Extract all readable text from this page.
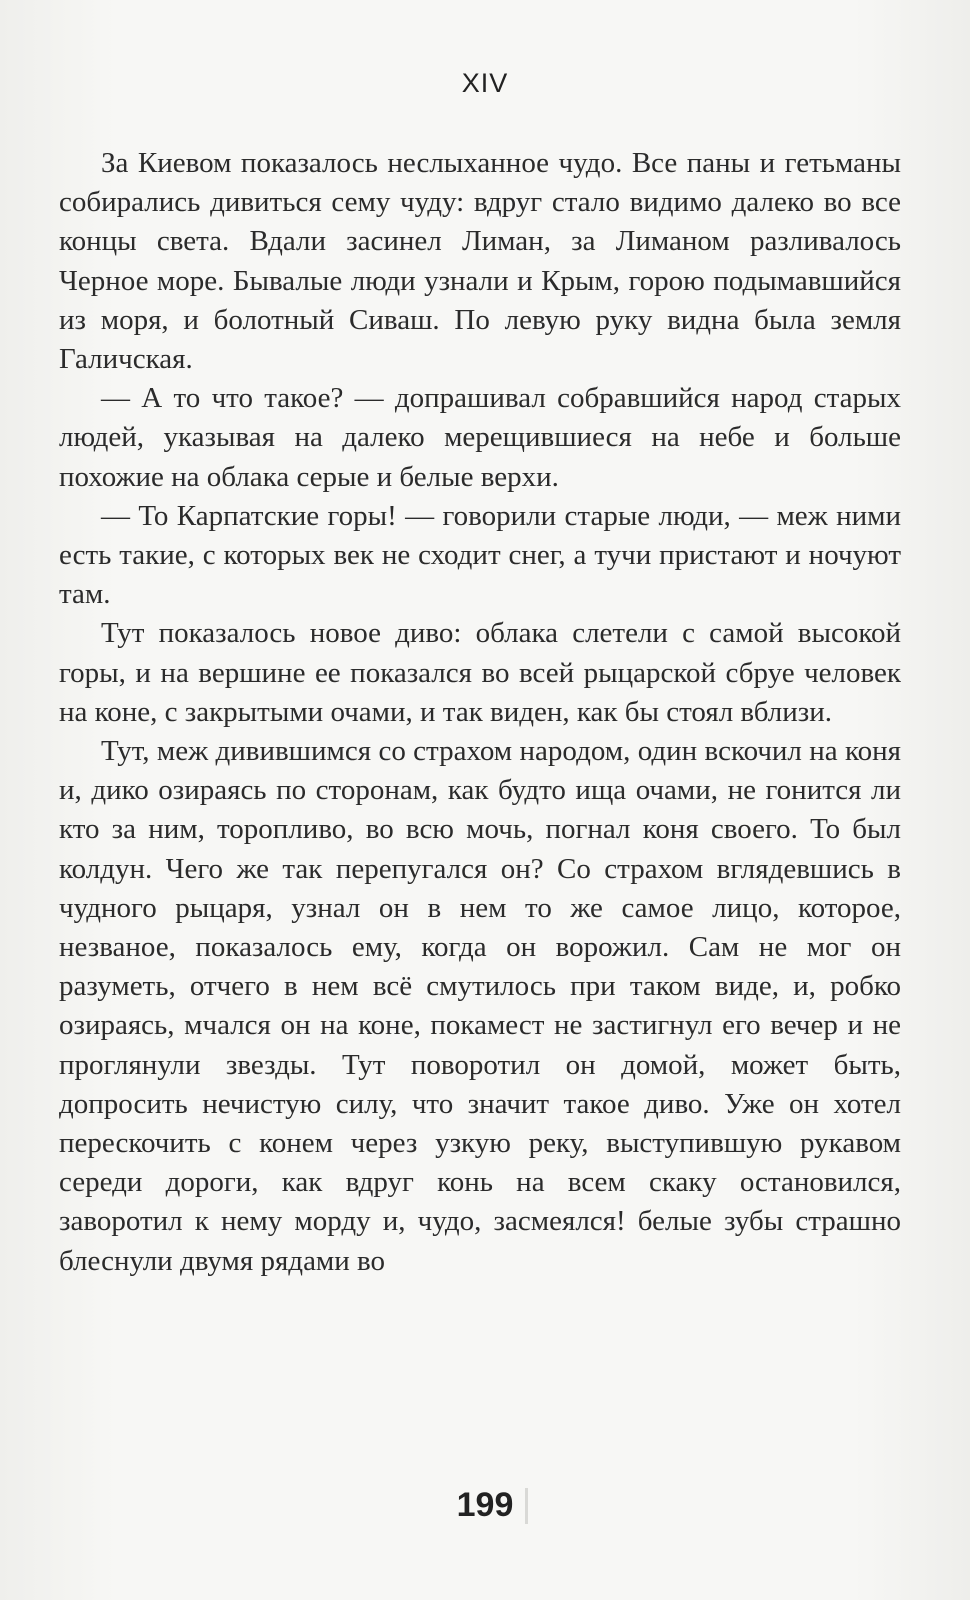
XIV

За Киевом показалось неслыханное чудо. Все паны и гетьманы собирались дивиться сему чуду: вдруг стало видимо далеко во все концы света. Вдали засинел Лиман, за Лиманом разливалось Черное море. Бывалые люди узнали и Крым, горою подымавшийся из моря, и болотный Сиваш. По левую руку видна была земля Галичская.

— А то что такое? — допрашивал собравшийся народ старых людей, указывая на далеко мерещившиеся на небе и больше похожие на облака серые и белые верхи.

— То Карпатские горы! — говорили старые люди, — меж ними есть такие, с которых век не сходит снег, а тучи пристают и ночуют там.

Тут показалось новое диво: облака слетели с самой высокой горы, и на вершине ее показался во всей рыцарской сбруе человек на коне, с закрытыми очами, и так виден, как бы стоял вблизи.

Тут, меж дивившимся со страхом народом, один вскочил на коня и, дико озираясь по сторонам, как будто ища очами, не гонится ли кто за ним, торопливо, во всю мочь, погнал коня своего. То был колдун. Чего же так перепугался он? Со страхом вглядевшись в чудного рыцаря, узнал он в нем то же самое лицо, которое, незваное, показалось ему, когда он ворожил. Сам не мог он разуметь, отчего в нем всё смутилось при таком виде, и, робко озираясь, мчался он на коне, покамест не застигнул его вечер и не проглянули звезды. Тут поворотил он домой, может быть, допросить нечистую силу, что значит такое диво. Уже он хотел перескочить с конем через узкую реку, выступившую рукавом середи дороги, как вдруг конь на всем скаку остановился, заворотил к нему морду и, чудо, засмеялся! белые зубы страшно блеснули двумя рядами во

199
